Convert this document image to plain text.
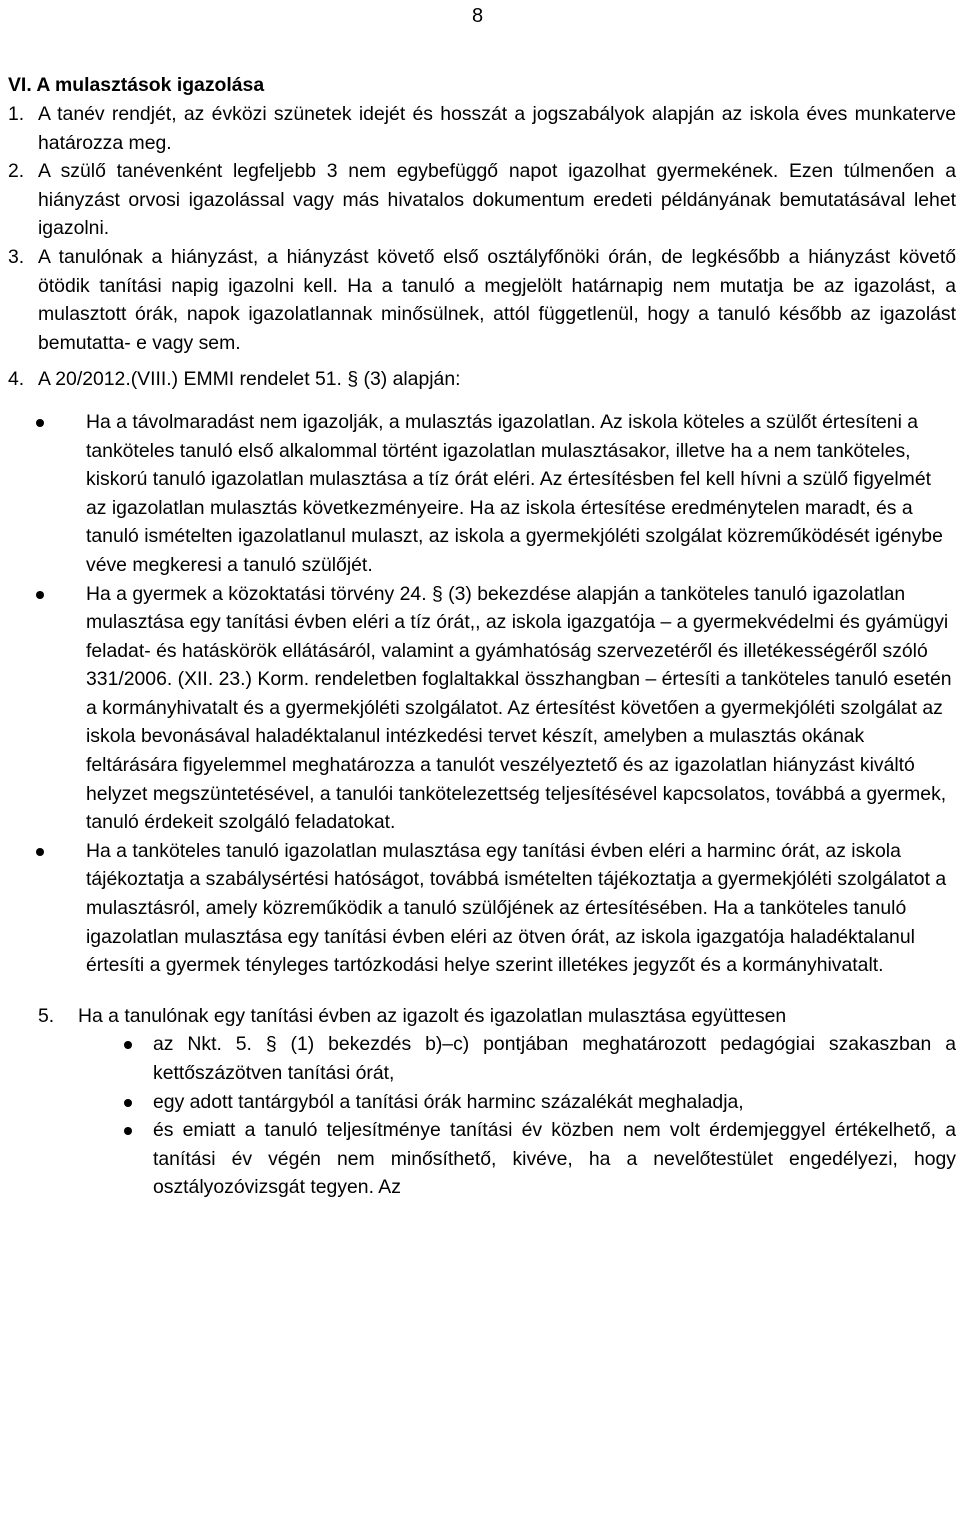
8

VI. A mulasztások igazolása

1. A tanév rendjét, az évközi szünetek idejét és hosszát a jogszabályok alapján az iskola éves munkaterve határozza meg.
2. A szülő tanévenként legfeljebb 3 nem egybefüggő napot igazolhat gyermekének. Ezen túlmenően a hiányzást orvosi igazolással vagy más hivatalos dokumentum eredeti példányának bemutatásával lehet igazolni.
3. A tanulónak a hiányzást, a hiányzást követő első osztályfőnöki órán, de legkésőbb a hiányzást követő ötödik tanítási napig igazolni kell. Ha a tanuló a megjelölt határnapig nem mutatja be az igazolást, a mulasztott órák, napok igazolatlannak minősülnek, attól függetlenül, hogy a tanuló később az igazolást bemutatta- e vagy sem.
4. A 20/2012.(VIII.) EMMI rendelet 51. § (3) alapján:
Ha a távolmaradást nem igazolják, a mulasztás igazolatlan. Az iskola köteles a szülőt értesíteni a tanköteles tanuló első alkalommal történt igazolatlan mulasztásakor, illetve ha a nem tanköteles, kiskorú tanuló igazolatlan mulasztása a tíz órát eléri. Az értesítésben fel kell hívni a szülő figyelmét az igazolatlan mulasztás következményeire. Ha az iskola értesítése eredménytelen maradt, és a tanuló ismételten igazolatlanul mulaszt, az iskola a gyermekjóléti szolgálat közreműködését igénybe véve megkeresi a tanuló szülőjét.
Ha a gyermek a közoktatási törvény 24. § (3) bekezdése alapján a tanköteles tanuló igazolatlan mulasztása egy tanítási évben eléri a tíz órát,, az iskola igazgatója – a gyermekvédelmi és gyámügyi feladat- és hatáskörök ellátásáról, valamint a gyámhatóság szervezetéről és illetékességéről szóló 331/2006. (XII. 23.) Korm. rendeletben foglaltakkal összhangban – értesíti a tanköteles tanuló esetén a kormányhivatalt és a gyermekjóléti szolgálatot. Az értesítést követően a gyermekjóléti szolgálat az iskola bevonásával haladéktalanul intézkedési tervet készít, amelyben a mulasztás okának feltárására figyelemmel meghatározza a tanulót veszélyeztető és az igazolatlan hiányzást kiváltó helyzet megszüntetésével, a tanulói tankötelezettség teljesítésével kapcsolatos, továbbá a gyermek, tanuló érdekeit szolgáló feladatokat.
Ha a tanköteles tanuló igazolatlan mulasztása egy tanítási évben eléri a harminc órát, az iskola tájékoztatja a szabálysértési hatóságot, továbbá ismételten tájékoztatja a gyermekjóléti szolgálatot a mulasztásról, amely közreműködik a tanuló szülőjének az értesítésében. Ha a tanköteles tanuló igazolatlan mulasztása egy tanítási évben eléri az ötven órát, az iskola igazgatója haladéktalanul értesíti a gyermek tényleges tartózkodási helye szerint illetékes jegyzőt és a kormányhivatalt.
5. Ha a tanulónak egy tanítási évben az igazolt és igazolatlan mulasztása együttesen
az Nkt. 5. § (1) bekezdés b)–c) pontjában meghatározott pedagógiai szakaszban a kettőszázötven tanítási órát,
egy adott tantárgyból a tanítási órák harminc százalékát meghaladja,
és emiatt a tanuló teljesítménye tanítási év közben nem volt érdemjeggyel értékelhető, a tanítási év végén nem minősíthető, kivéve, ha a nevelőtestület engedélyezi, hogy osztályozóvizsgát tegyen. Az
